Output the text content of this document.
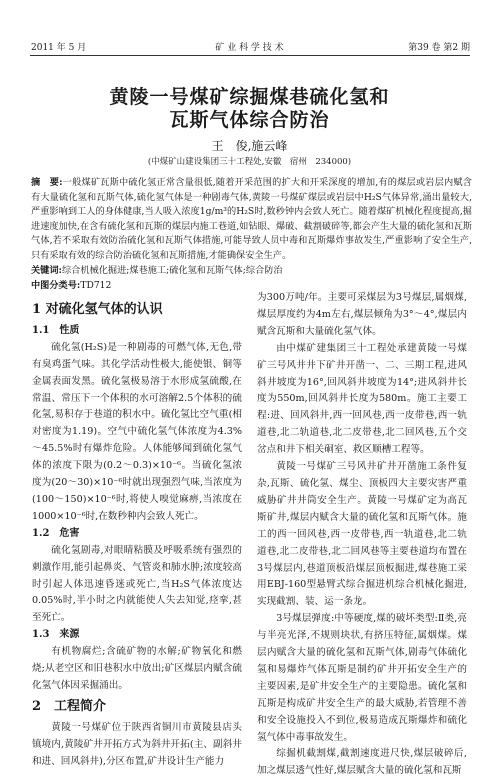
2011 年 5 月	矿 业 科 学 技 术	第39 卷 第2 期
黄陵一号煤矿综掘煤巷硫化氢和
瓦斯气体综合防治
王　俊,施云峰
(中煤矿山建设集团三十工程处,安徽　宿州　234000)
摘　要:一般煤矿瓦斯中硫化氢正常含量很低,随着开采范围的扩大和开采深度的增加,有的煤层或岩层内赋含有大量硫化氢和瓦斯气体,硫化氢气体是一种剧毒气体,黄陵一号煤矿煤层或岩层中H₂S气体异常,涌出量较大,严重影响到工人的身体健康,当人吸入浓度1g/m³的H₂S时,数秒钟内会致人死亡。随着煤矿机械化程度提高,掘进速度加快,在含有硫化氢和瓦斯的煤层内施工巷道,如钻眼、爆破、截割破碎等,都会产生大量的硫化氢和瓦斯气体,若不采取有效防治硫化氢和瓦斯气体措施,可能导致人员中毒和瓦斯爆炸事故发生,严重影响了安全生产,只有采取有效的综合防治硫化氢和瓦斯措施,才能确保安全生产。
关键词:综合机械化掘进;煤巷施工;硫化氢和瓦斯气体;综合防治
中图分类号:TD712

1 对硫化氢气体的认识

1.1　性质

硫化氢(H₂S)是一种剧毒的可燃气体,无色,带有臭鸡蛋气味。其化学活动性极大,能使银、铜等金属表面发黑。硫化氢极易溶于水形成氢硫酸,在常温、常压下一个体积的水可溶解2.5个体积的硫化氢,易积存于巷道的积水中。硫化氢比空气重(相对密度为1.19)。空气中硫化氢气体浓度为4.3%～45.5%时有爆炸危险。人体能够闻到硫化氢气体的浓度下限为(0.2～0.3)×10⁻⁶。当硫化氢浓度为(20～30)×10⁻⁶时就出现强烈气味,当浓度为(100～150)×10⁻⁶时,将使人嗅觉麻痹,当浓度在1000×10⁻⁶时,在数秒种内会致人死亡。

1.2　危害

硫化氢剧毒,对眼睛粘膜及呼吸系统有强烈的刺激作用,能引起鼻炎、气管炎和肺水肿;浓度较高时引起人体迅速昏迷或死亡,当H₂S气体浓度达0.05%时,半小时之内就能使人失去知觉,痉挛,甚至死亡。

1.3　来源

有机物腐烂;含硫矿物的水解;矿物氧化和燃烧;从老空区和旧巷积水中放出;矿区煤层内赋含硫化氢气体因采掘涌出。

2　工程简介

黄陵一号煤矿位于陕西省铜川市黄陵县店头镇境内,黄陵矿井开拓方式为斜井开拓(主、副斜井和进、回风斜井),分区布置,矿井设计生产能力

为300万吨/年。主要可采煤层为3号煤层,属烟煤,煤层厚度约为4m左右,煤层倾角为3°～4°,煤层内赋含瓦斯和大量硫化氢气体。

由中煤矿建集团三十工程处承建黄陵一号煤矿三号风井井下矿井开凿一、二、三期工程,进风斜井坡度为16°,回风斜井坡度为14°;进风斜井长度为550m,回风斜井长度为580m。施工主要工程:进、回风斜井,西一回风巷,西一皮带巷,西一轨道巷,北二轨道巷,北二皮带巷,北二回风巷,五个交岔点和井下相关硐室、救区顺槽工程等。

黄陵一号煤矿三号风井矿井开凿施工条件复杂,瓦斯、硫化氢、煤尘、顶板四大主要灾害严重威胁矿井井筒安全生产。黄陵一号煤矿定为高瓦斯矿井,煤层内赋含大量的硫化氢和瓦斯气体。施工的西一回风巷,西一皮带巷,西一轨道巷,北二轨道巷,北二皮带巷,北二回风巷等主要巷道均布置在3号煤层内,巷道顶板沿煤层顶板掘进,煤巷施工采用EBJ-160型悬臂式综合掘进机综合机械化掘进,实现截割、装、运一条龙。

3号煤层弹度:中等硬度,煤的破坏类型:Ⅱ类,亮与半亮光泽,不规则块状,有挤压特征,属烟煤。煤层内赋含大量的硫化氢和瓦斯气体,剧毒气体硫化氢和易爆炸气体瓦斯是制约矿井开拓安全生产的主要因素,是矿井安全生产的主要隐患。硫化氢和瓦斯是构成矿井安全生产的最大威胁,若管理不善和安全设施投入不到位,极易造成瓦斯爆炸和硫化氢气体中毒事故发生。

综掘机截割煤,截割速度进尺快,煤层破碎后,加之煤层透气性好,煤层赋含大量的硫化氢和瓦斯
